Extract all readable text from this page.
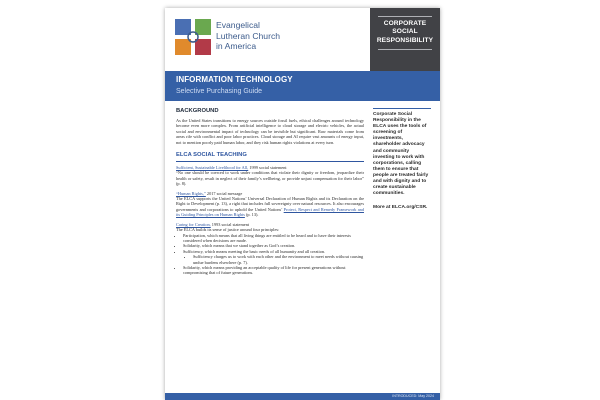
Evangelical
Lutheran Church
in America
CORPORATE
SOCIAL
RESPONSIBILITY
INFORMATION TECHNOLOGY
Selective Purchasing Guide
BACKGROUND

As the United States transitions to energy sources outside fossil fuels, ethical challenges around technology become even more complex. From artificial intelligence to cloud storage and electric vehicles, the actual social and environmental impact of technology can be invisible but significant. Raw materials come from areas rife with conflict and poor labor practices. Cloud storage and AI require vast amounts of energy input, not to mention poorly paid human labor, and they risk human rights violations at every turn.

ELCA SOCIAL TEACHING

Sufficient, Sustainable Livelihood for All, 1999 social statement

“No one should be coerced to work under conditions that violate their dignity or freedom, jeopardize their health or safety, result in neglect of their family’s wellbeing, or provide unjust compensation for their labor” (p. 8).

“Human Rights,” 2017 social message

The ELCA supports the United Nations’ Universal Declaration of Human Rights and its Declaration on the Right to Development (p. 13), a right that includes full sovereignty over natural resources. It also encourages governments and corporations to uphold the United Nations’ Protect, Respect and Remedy Framework and its Guiding Principles on Human Rights (p. 13).

Caring for Creation, 1993 social statement

The ELCA builds its sense of justice around four principles:

• Participation, which means that all living things are entitled to be heard and to have their interests considered when decisions are made.
• Solidarity, which means that we stand together as God’s creation.
• Sufficiency, which means meeting the basic needs of all humanity and all creation.
• Sufficiency charges us to work with each other and the environment to meet needs without causing undue burdens elsewhere (p. 7).
• Solidarity, which means providing an acceptable quality of life for present generations without compromising that of future generations.
Corporate Social Responsibility in the ELCA uses the tools of screening of investments, shareholder advocacy and community investing to work with corporations, calling them to ensure that people are treated fairly and with dignity and to create sustainable communities.
More at ELCA.org/CSR.
INTRODUCED: May 2024
